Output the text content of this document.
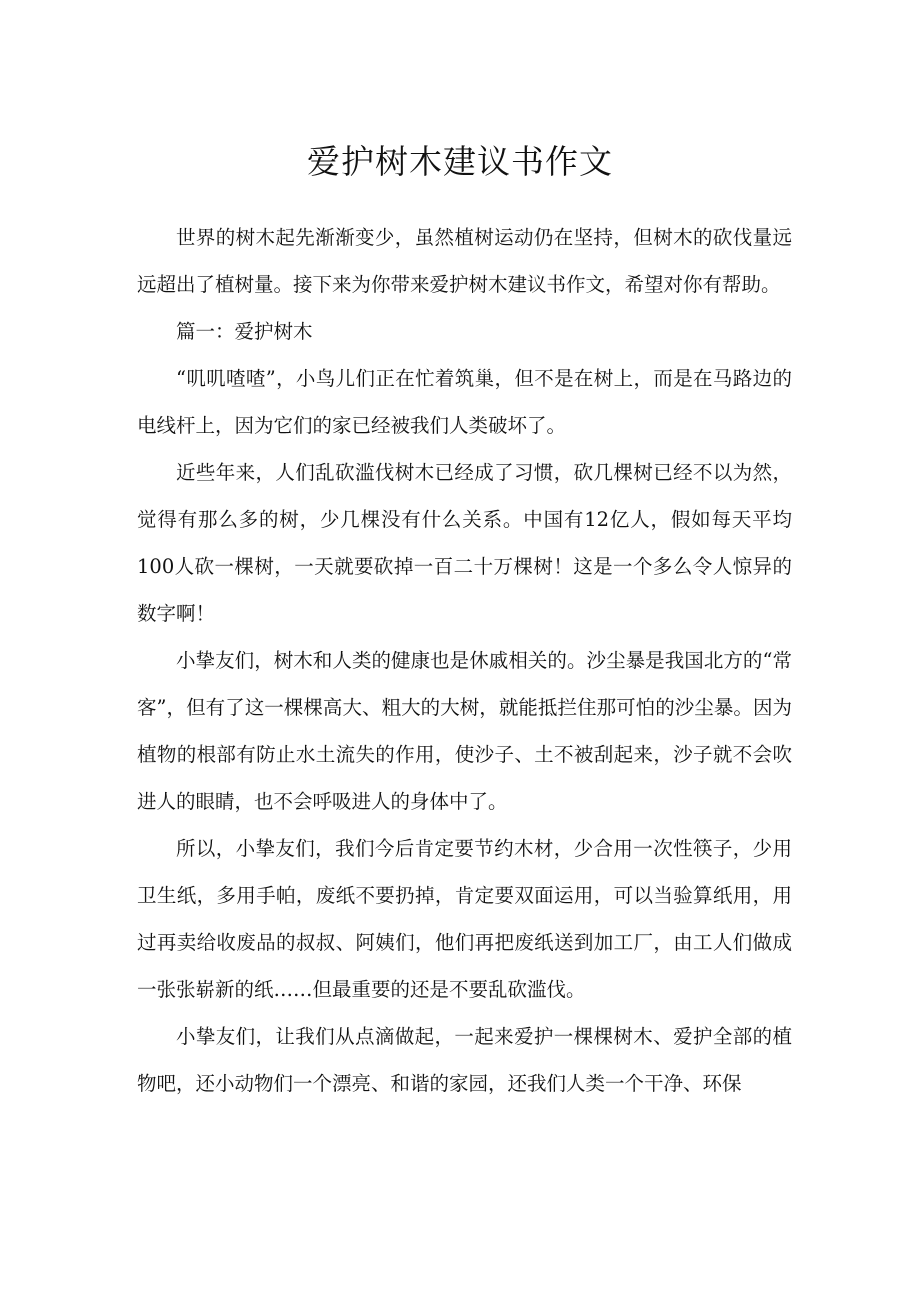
爱护树木建议书作文

世界的树木起先渐渐变少，虽然植树运动仍在坚持，但树木的砍伐量远远超出了植树量。接下来为你带来爱护树木建议书作文，希望对你有帮助。

篇一：爱护树木

“叽叽喳喳”，小鸟儿们正在忙着筑巢，但不是在树上，而是在马路边的电线杆上，因为它们的家已经被我们人类破坏了。

近些年来，人们乱砍滥伐树木已经成了习惯，砍几棵树已经不以为然，觉得有那么多的树，少几棵没有什么关系。中国有12亿人，假如每天平均100人砍一棵树，一天就要砍掉一百二十万棵树！这是一个多么令人惊异的数字啊！

小挚友们，树木和人类的健康也是休戚相关的。沙尘暴是我国北方的“常客”，但有了这一棵棵高大、粗大的大树，就能抵拦住那可怕的沙尘暴。因为植物的根部有防止水土流失的作用，使沙子、土不被刮起来，沙子就不会吹进人的眼睛，也不会呼吸进人的身体中了。

所以，小挚友们，我们今后肯定要节约木材，少合用一次性筷子，少用卫生纸，多用手帕，废纸不要扔掉，肯定要双面运用，可以当验算纸用，用过再卖给收废品的叔叔、阿姨们，他们再把废纸送到加工厂，由工人们做成一张张崭新的纸……但最重要的还是不要乱砍滥伐。

小挚友们，让我们从点滴做起，一起来爱护一棵棵树木、爱护全部的植物吧，还小动物们一个漂亮、和谐的家园，还我们人类一个干净、环保
